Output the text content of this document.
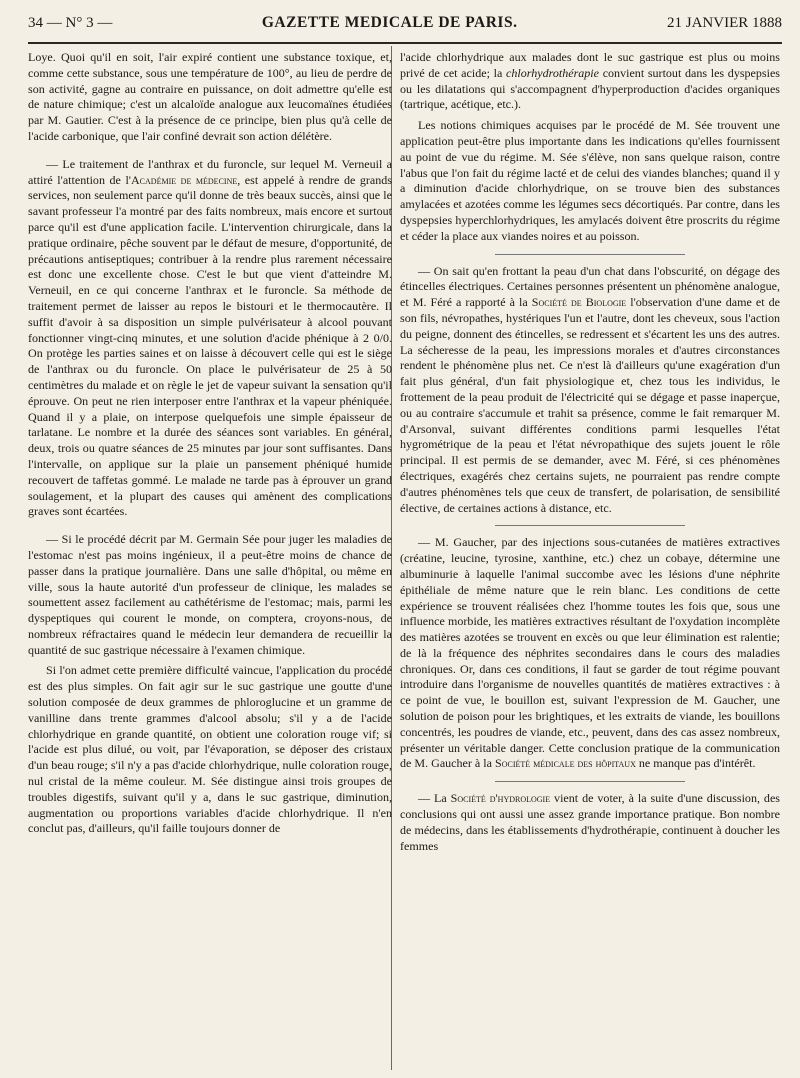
34 — N° 3 —	GAZETTE MEDICALE DE PARIS.	21 JANVIER 1888

Loye. Quoi qu'il en soit, l'air expiré contient une substance toxique, et, comme cette substance, sous une température de 100°, au lieu de perdre de son activité, gagne au contraire en puissance, on doit admettre qu'elle est de nature chimique; c'est un alcaloïde analogue aux leucomaïnes étudiées par M. Gautier. C'est à la présence de ce principe, bien plus qu'à celle de l'acide carbonique, que l'air confiné devrait son action délétère.

— Le traitement de l'anthrax et du furoncle, sur lequel M. Verneuil a attiré l'attention de l'Académie de médecine, est appelé à rendre de grands services, non seulement parce qu'il donne de très beaux succès, ainsi que le savant professeur l'a montré par des faits nombreux, mais encore et surtout parce qu'il est d'une application facile. L'intervention chirurgicale, dans la pratique ordinaire, pêche souvent par le défaut de mesure, d'opportunité, de précautions antiseptiques; contribuer à la rendre plus rarement nécessaire est donc une excellente chose. C'est le but que vient d'atteindre M. Verneuil, en ce qui concerne l'anthrax et le furoncle. Sa méthode de traitement permet de laisser au repos le bistouri et le thermocautère. Il suffit d'avoir à sa disposition un simple pulvérisateur à alcool pouvant fonctionner vingt-cinq minutes, et une solution d'acide phénique à 2 0/0. On protège les parties saines et on laisse à découvert celle qui est le siège de l'anthrax ou du furoncle. On place le pulvérisateur de 25 à 50 centimètres du malade et on règle le jet de vapeur suivant la sensation qu'il éprouve. On peut ne rien interposer entre l'anthrax et la vapeur phéniquée. Quand il y a plaie, on interpose quelquefois une simple épaisseur de tarlatane. Le nombre et la durée des séances sont variables. En général, deux, trois ou quatre séances de 25 minutes par jour sont suffisantes. Dans l'intervalle, on applique sur la plaie un pansement phéniqué humide recouvert de taffetas gommé. Le malade ne tarde pas à éprouver un grand soulagement, et la plupart des causes qui amènent des complications graves sont écartées.

— Si le procédé décrit par M. Germain Sée pour juger les maladies de l'estomac n'est pas moins ingénieux, il a peut-être moins de chance de passer dans la pratique journalière. Dans une salle d'hôpital, ou même en ville, sous la haute autorité d'un professeur de clinique, les malades se soumettent assez facilement au cathétérisme de l'estomac; mais, parmi les dyspeptiques qui courent le monde, on comptera, croyons-nous, de nombreux réfractaires quand le médecin leur demandera de recueillir la quantité de suc gastrique nécessaire à l'examen chimique.

Si l'on admet cette première difficulté vaincue, l'application du procédé est des plus simples. On fait agir sur le suc gastrique une goutte d'une solution composée de deux grammes de phloroglucine et un gramme de vanilline dans trente grammes d'alcool absolu; s'il y a de l'acide chlorhydrique en grande quantité, on obtient une coloration rouge vif; si l'acide est plus dilué, ou voit, par l'évaporation, se déposer des cristaux d'un beau rouge; s'il n'y a pas d'acide chlorhydrique, nulle coloration rouge, nul cristal de la même couleur. M. Sée distingue ainsi trois groupes de troubles digestifs, suivant qu'il y a, dans le suc gastrique, diminution, augmentation ou proportions variables d'acide chlorhydrique. Il n'en conclut pas, d'ailleurs, qu'il faille toujours donner de

l'acide chlorhydrique aux malades dont le suc gastrique est plus ou moins privé de cet acide; la chlorhydrothérapie convient surtout dans les dyspepsies ou les dilatations qui s'accompagnent d'hyperproduction d'acides organiques (tartrique, acétique, etc.).

Les notions chimiques acquises par le procédé de M. Sée trouvent une application peut-être plus importante dans les indications qu'elles fournissent au point de vue du régime. M. Sée s'élève, non sans quelque raison, contre l'abus que l'on fait du régime lacté et de celui des viandes blanches; quand il y a diminution d'acide chlorhydrique, on se trouve bien des substances amylacées et azotées comme les légumes secs décortiqués. Par contre, dans les dyspepsies hyperchlorhydriques, les amylacés doivent être proscrits du régime et céder la place aux viandes noires et au poisson.

— On sait qu'en frottant la peau d'un chat dans l'obscurité, on dégage des étincelles électriques. Certaines personnes présentent un phénomène analogue, et M. Féré a rapporté à la Société de Biologie l'observation d'une dame et de son fils, névropathes, hystériques l'un et l'autre, dont les cheveux, sous l'action du peigne, donnent des étincelles, se redressent et s'écartent les uns des autres. La sécheresse de la peau, les impressions morales et d'autres circonstances rendent le phénomène plus net. Ce n'est là d'ailleurs qu'une exagération d'un fait plus général, d'un fait physiologique et, chez tous les individus, le frottement de la peau produit de l'électricité qui se dégage et passe inaperçue, ou au contraire s'accumule et trahit sa présence, comme le fait remarquer M. d'Arsonval, suivant différentes conditions parmi lesquelles l'état hygrométrique de la peau et l'état névropathique des sujets jouent le rôle principal. Il est permis de se demander, avec M. Féré, si ces phénomènes électriques, exagérés chez certains sujets, ne pourraient pas rendre compte d'autres phénomènes tels que ceux de transfert, de polarisation, de sensibilité élective, de certaines actions à distance, etc.

— M. Gaucher, par des injections sous-cutanées de matières extractives (créatine, leucine, tyrosine, xanthine, etc.) chez un cobaye, détermine une albuminurie à laquelle l'animal succombe avec les lésions d'une néphrite épithéliale de même nature que le rein blanc. Les conditions de cette expérience se trouvent réalisées chez l'homme toutes les fois que, sous une influence morbide, les matières extractives résultant de l'oxydation incomplète des matières azotées se trouvent en excès ou que leur élimination est ralentie; de là la fréquence des néphrites secondaires dans le cours des maladies chroniques. Or, dans ces conditions, il faut se garder de tout régime pouvant introduire dans l'organisme de nouvelles quantités de matières extractives : à ce point de vue, le bouillon est, suivant l'expression de M. Gaucher, une solution de poison pour les brightiques, et les extraits de viande, les bouillons concentrés, les poudres de viande, etc., peuvent, dans des cas assez nombreux, présenter un véritable danger. Cette conclusion pratique de la communication de M. Gaucher à la Société médicale des hôpitaux ne manque pas d'intérêt.

— La Société d'hydrologie vient de voter, à la suite d'une discussion, des conclusions qui ont aussi une assez grande importance pratique. Bon nombre de médecins, dans les établissements d'hydrothérapie, continuent à doucher les femmes
